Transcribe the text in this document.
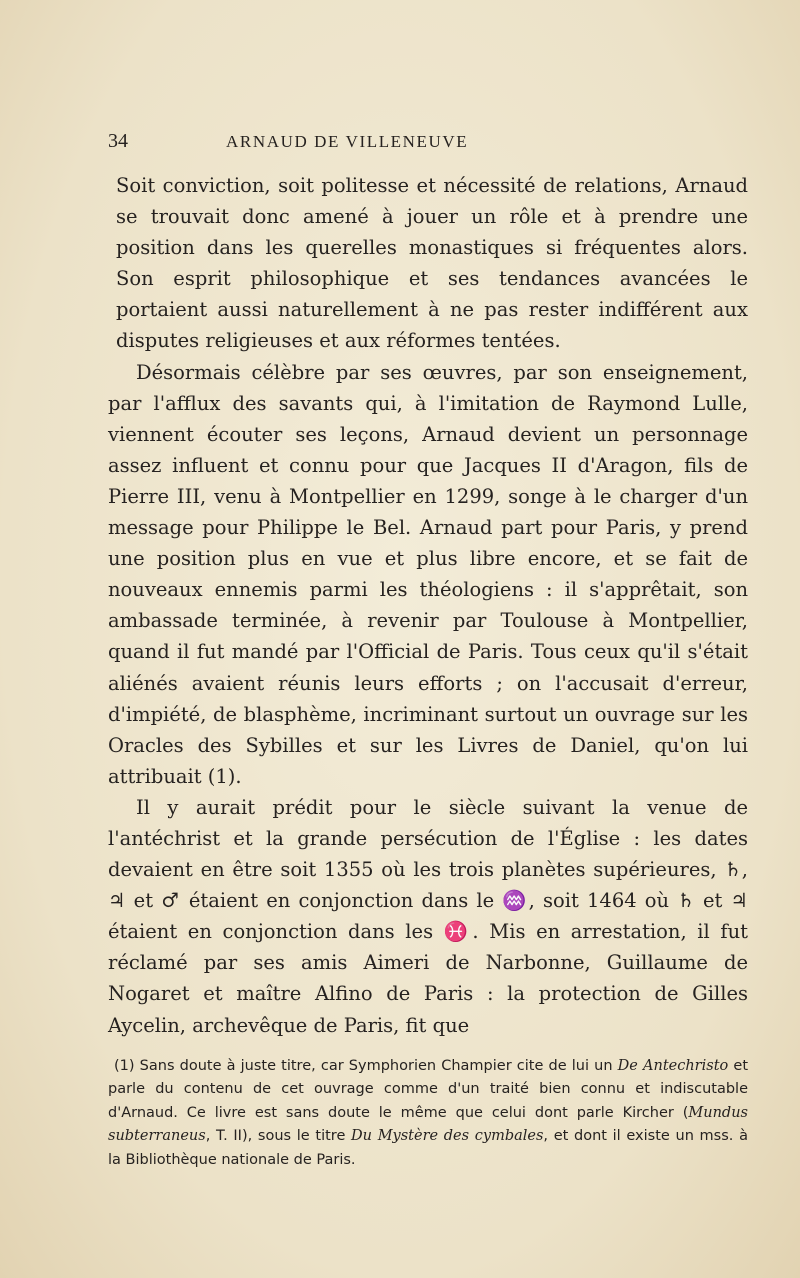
34	ARNAUD DE VILLENEUVE

Soit conviction, soit politesse et nécessité de relations, Arnaud se trouvait donc amené à jouer un rôle et à prendre une position dans les querelles monastiques si fréquentes alors. Son esprit philosophique et ses tendances avancées le portaient aussi naturellement à ne pas rester indifférent aux disputes religieuses et aux réformes tentées.

Désormais célèbre par ses œuvres, par son enseignement, par l'afflux des savants qui, à l'imitation de Raymond Lulle, viennent écouter ses leçons, Arnaud devient un personnage assez influent et connu pour que Jacques II d'Aragon, fils de Pierre III, venu à Montpellier en 1299, songe à le charger d'un message pour Philippe le Bel. Arnaud part pour Paris, y prend une position plus en vue et plus libre encore, et se fait de nouveaux ennemis parmi les théologiens : il s'apprêtait, son ambassade terminée, à revenir par Toulouse à Montpellier, quand il fut mandé par l'Official de Paris. Tous ceux qu'il s'était aliénés avaient réunis leurs efforts ; on l'accusait d'erreur, d'impiété, de blasphème, incriminant surtout un ouvrage sur les Oracles des Sybilles et sur les Livres de Daniel, qu'on lui attribuait (1).

Il y aurait prédit pour le siècle suivant la venue de l'antéchrist et la grande persécution de l'Église : les dates devaient en être soit 1355 où les trois planètes supérieures, ♄, ♃ et ♂ étaient en conjonction dans le ♒, soit 1464 où ♄ et ♃ étaient en conjonction dans les ♓. Mis en arrestation, il fut réclamé par ses amis Aimeri de Narbonne, Guillaume de Nogaret et maître Alfino de Paris : la protection de Gilles Aycelin, archevêque de Paris, fit que

(1) Sans doute à juste titre, car Symphorien Champier cite de lui un De Antechristo et parle du contenu de cet ouvrage comme d'un traité bien connu et indiscutable d'Arnaud. Ce livre est sans doute le même que celui dont parle Kircher (Mundus subterraneus, T. II), sous le titre Du Mystère des cymbales, et dont il existe un mss. à la Bibliothèque nationale de Paris.
